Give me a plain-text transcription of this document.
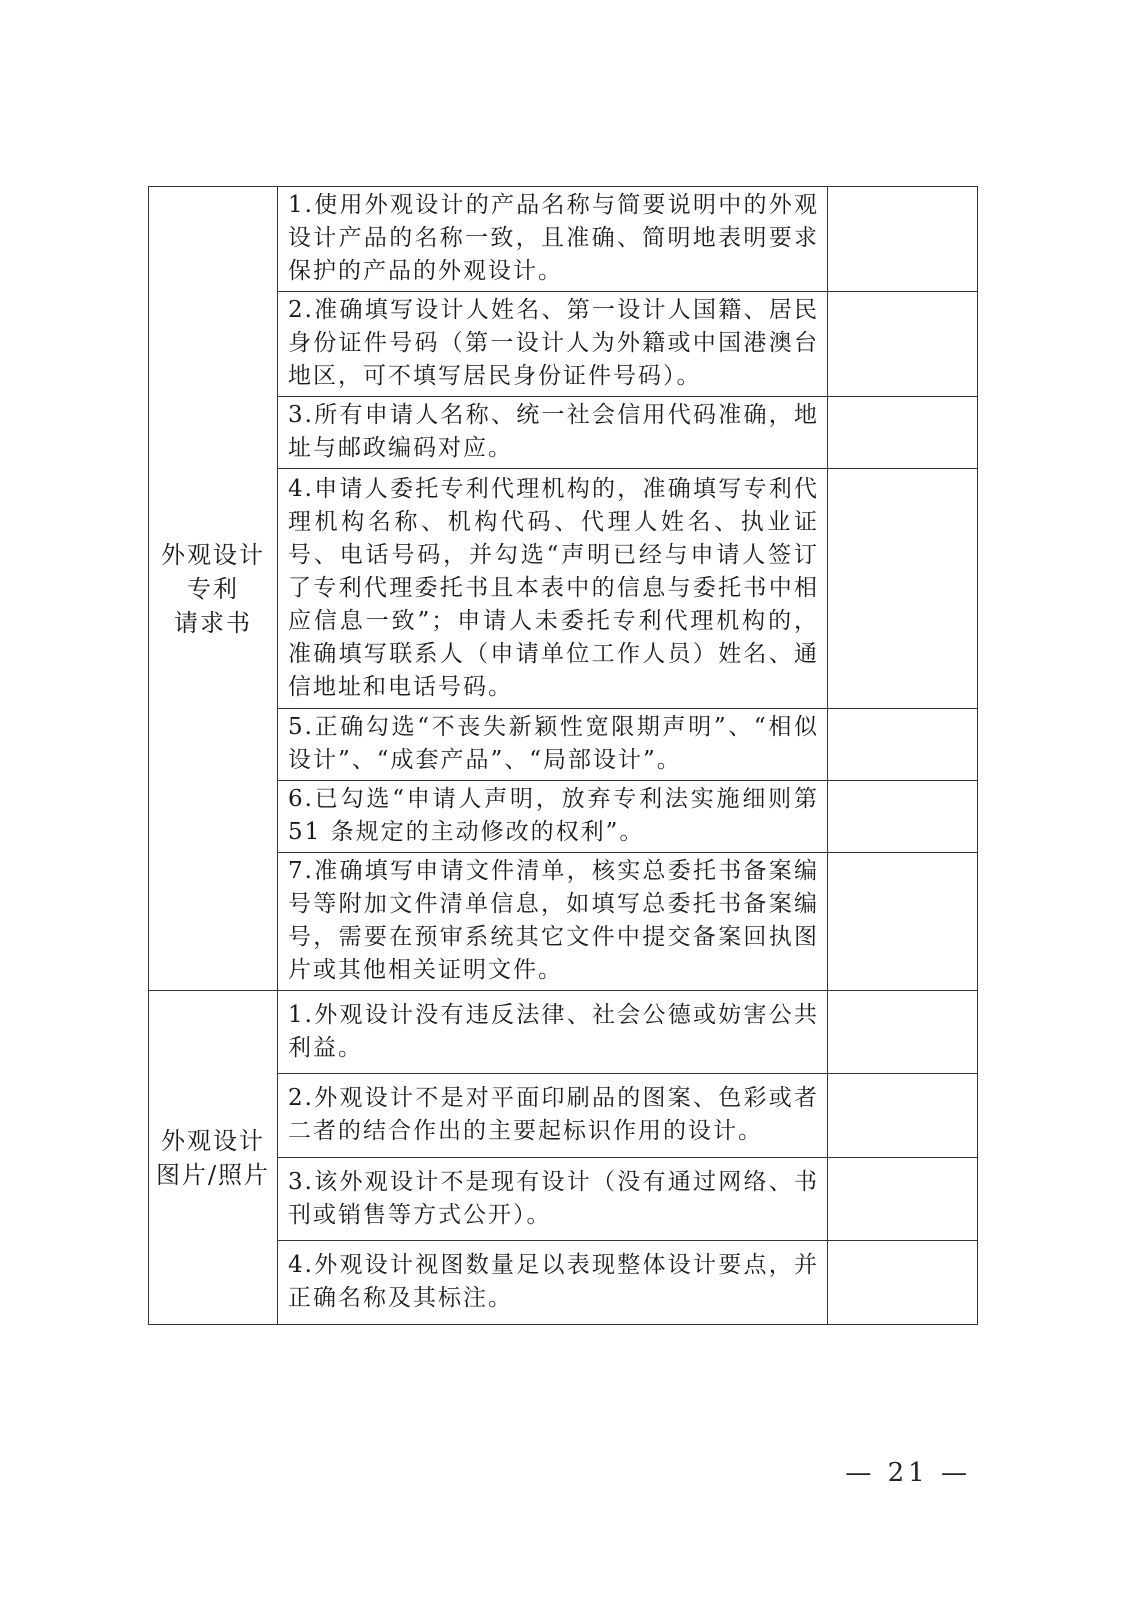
外观设计
专利
请求书	1.使用外观设计的产品名称与简要说明中的外观设计产品的名称一致，且准确、简明地表明要求保护的产品的外观设计。	
	2.准确填写设计人姓名、第一设计人国籍、居民身份证件号码（第一设计人为外籍或中国港澳台地区，可不填写居民身份证件号码）。	
	3.所有申请人名称、统一社会信用代码准确，地址与邮政编码对应。	
	4.申请人委托专利代理机构的，准确填写专利代理机构名称、机构代码、代理人姓名、执业证号、电话号码，并勾选“声明已经与申请人签订了专利代理委托书且本表中的信息与委托书中相应信息一致”；申请人未委托专利代理机构的，准确填写联系人（申请单位工作人员）姓名、通信地址和电话号码。	
	5.正确勾选“不丧失新颖性宽限期声明”、“相似设计”、“成套产品”、“局部设计”。	
	6.已勾选“申请人声明，放弃专利法实施细则第 51 条规定的主动修改的权利”。	
	7.准确填写申请文件清单，核实总委托书备案编号等附加文件清单信息，如填写总委托书备案编号，需要在预审系统其它文件中提交备案回执图片或其他相关证明文件。	

外观设计
图片/照片	1.外观设计没有违反法律、社会公德或妨害公共利益。	
	2.外观设计不是对平面印刷品的图案、色彩或者二者的结合作出的主要起标识作用的设计。	
	3.该外观设计不是现有设计（没有通过网络、书刊或销售等方式公开）。	
	4.外观设计视图数量足以表现整体设计要点，并正确名称及其标注。	
— 21 —
